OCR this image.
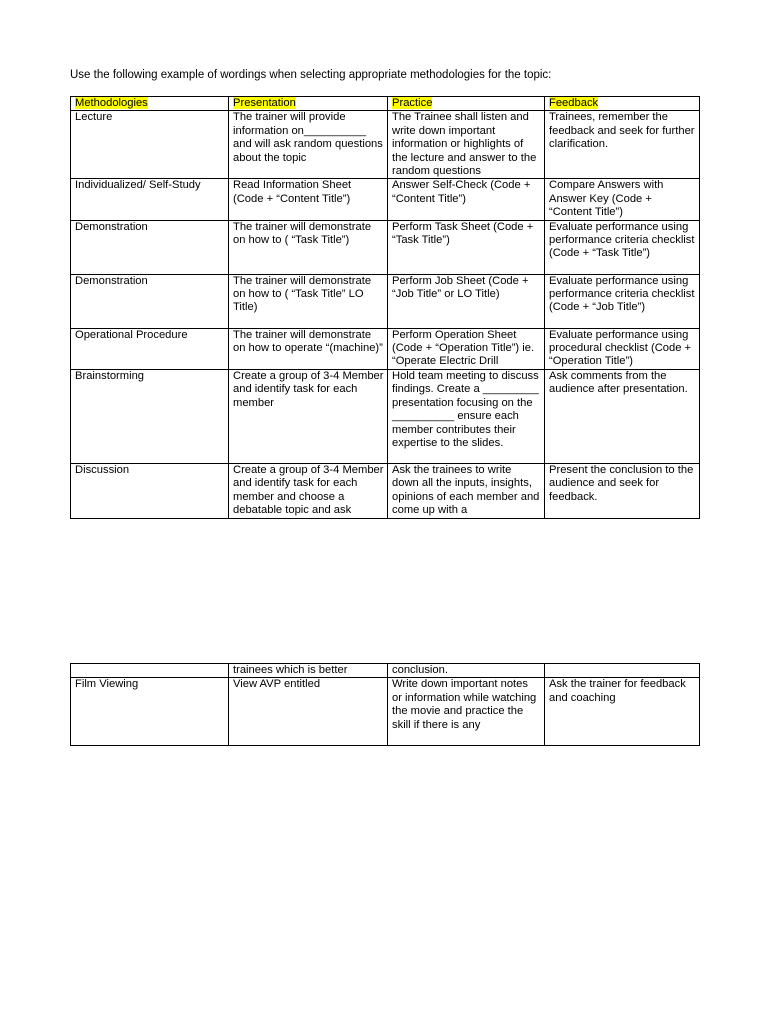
Use the following example of wordings when selecting appropriate methodologies for the topic:
Methodologies	Presentation	Practice	Feedback
Lecture	The trainer will provide information on__________ and will ask random questions about the topic	The Trainee shall listen and write down important information or highlights of the lecture and answer to the random questions	Trainees, remember the feedback and seek for further clarification.
Individualized/ Self-Study	Read Information Sheet (Code + “Content Title”)	Answer Self-Check (Code + “Content Title”)	Compare Answers with Answer Key (Code + “Content Title”)
Demonstration	The trainer will demonstrate on how to ( “Task Title”)	Perform Task Sheet (Code + “Task Title”)	Evaluate performance using performance criteria checklist (Code + “Task Title”)
Demonstration	The trainer will demonstrate on how to ( “Task Title” LO Title)	Perform Job Sheet (Code + “Job Title” or LO Title)	Evaluate performance using performance criteria checklist (Code + “Job Title”)
Operational Procedure	The trainer will demonstrate on how to operate “(machine)”	Perform Operation Sheet (Code + “Operation Title”) ie. “Operate Electric Drill	Evaluate performance using procedural checklist (Code + “Operation Title”)
Brainstorming	Create a group of 3-4 Member and identify task for each member	Hold team meeting to discuss findings. Create a _________ presentation focusing on the __________ ensure each member contributes their expertise to the slides.	Ask comments from the audience after presentation.
Discussion	Create a group of 3-4 Member and identify task for each member and choose a debatable topic and ask	Ask the trainees to write down all the inputs, insights, opinions of each member and come up with a	Present the conclusion to the audience and seek for feedback.
	trainees which is better	conclusion.	
Film Viewing	View AVP entitled	Write down important notes or information while watching the movie and practice the skill if there is any	Ask the trainer for feedback and coaching
